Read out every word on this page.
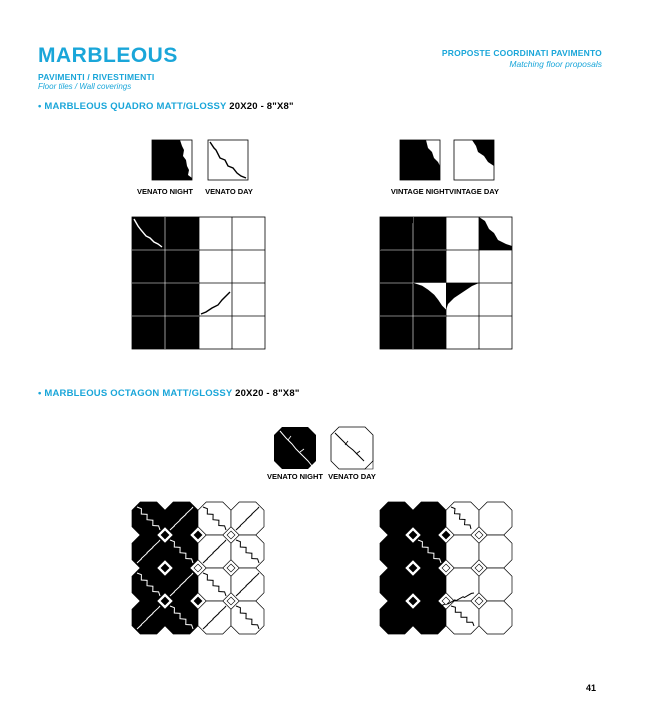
MARBLEOUS
PAVIMENTI / RIVESTIMENTI
Floor tiles / Wall coverings
PROPOSTE COORDINATI PAVIMENTO
Matching floor proposals
• MARBLEOUS QUADRO MATT/GLOSSY 20X20 - 8"X8"
• MARBLEOUS OCTAGON MATT/GLOSSY 20X20 - 8"X8"
VENATO NIGHT	VENATO DAY	VINTAGE NIGHT VINTAGE DAY
VENATO NIGHT VENATO DAY
41
